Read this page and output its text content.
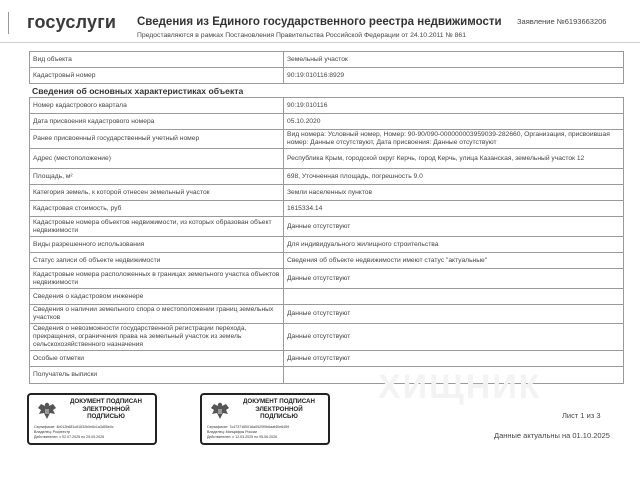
госуслуги Сведения из Единого государственного реестра недвижимости
Предоставляются в рамках Постановления Правительства Российской Федерации от 24.10.2011 № 861
Заявление №6193663206
Вид объекта	Земельный участок
Кадастровый номер	90:19:010116:8929
Сведения об основных характеристиках объекта
Номер кадастрового квартала	90:19:010116
Дата присвоения кадастрового номера	05.10.2020
Ранее присвоенный государственный учетный номер	Вид номера: Условный номер, Номер: 90-90/090-000000003959039-282660, Организация, присвоившая номер: Данные отсутствуют, Дата присвоения: Данные отсутствуют
Адрес (местоположение)	Республика Крым, городской округ Керчь, город Керчь, улица Казанская, земельный участок 12
Площадь, м²	698, Уточненная площадь, погрешность 9.0
Категория земель, к которой отнесен земельный участок	Земли населенных пунктов
Кадастровая стоимость, руб	1615334.14
Кадастровые номера объектов недвижимости, из которых образован объект недвижимости	Данные отсутствуют
Виды разрешенного использования	Для индивидуального жилищного строительства
Статус записи об объекте недвижимости	Сведения об объекте недвижимости имеют статус "актуальные"
Кадастровые номера расположенных в границах земельного участка объектов недвижимости	Данные отсутствуют
Сведения о кадастровом инженере	
Сведения о наличии земельного спора о местоположении границ земельных участков	Данные отсутствуют
Сведения о невозможности государственной регистрации перехода, прекращения, ограничения права на земельный участок из земель сельскохозяйственного назначения	Данные отсутствуют
Особые отметки	Данные отсутствуют
Получатель выписки		ХИЩНИК
ДОКУМЕНТ ПОДПИСАН ЭЛЕКТРОННОЙ ПОДПИСЬЮ
Сертификат: 4b012b681c81632b0e6c1a3d55e0c
Владелец: Росреестр
Действителен: с 02.07.2025 по 25.09.2026
ДОКУМЕНТ ПОДПИСАН ЭЛЕКТРОННОЙ ПОДПИСЬЮ
Сертификат: 7c4737160016a0520f0b6aaf40e6459
Владелец: Минцифры России
Действителен: с 12.03.2025 по 05.06.2026
Лист 1 из 3
Данные актуальны на 01.10.2025
